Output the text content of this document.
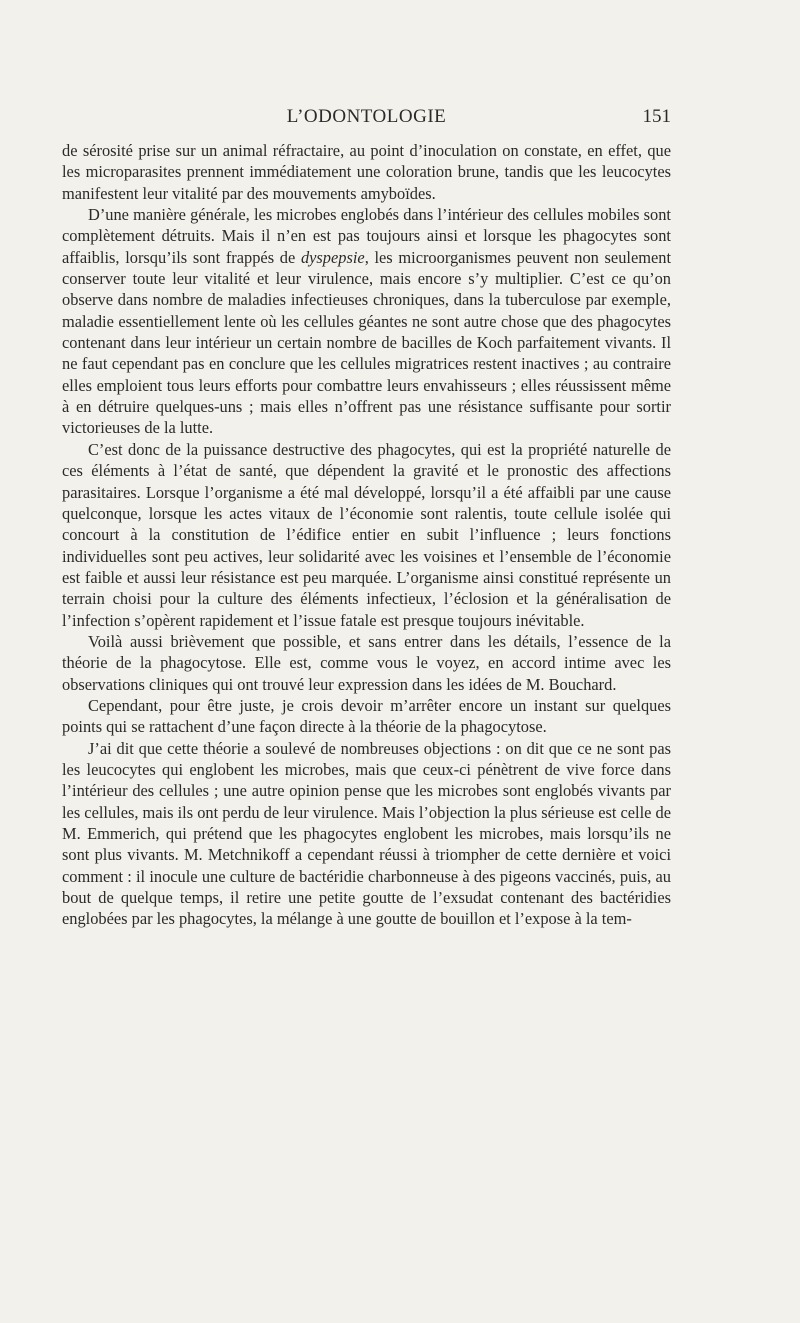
L’ODONTOLOGIE	151

de sérosité prise sur un animal réfractaire, au point d’inoculation on constate, en effet, que les microparasites prennent immédiatement une coloration brune, tandis que les leucocytes manifestent leur vitalité par des mouvements amyboïdes.

D’une manière générale, les microbes englobés dans l’intérieur des cellules mobiles sont complètement détruits. Mais il n’en est pas toujours ainsi et lorsque les phagocytes sont affaiblis, lorsqu’ils sont frappés de dyspepsie, les microorganismes peuvent non seulement conserver toute leur vitalité et leur virulence, mais encore s’y multiplier. C’est ce qu’on observe dans nombre de maladies infectieuses chroniques, dans la tuberculose par exemple, maladie essentiellement lente où les cellules géantes ne sont autre chose que des phagocytes contenant dans leur intérieur un certain nombre de bacilles de Koch parfaitement vivants. Il ne faut cependant pas en conclure que les cellules migratrices restent inactives ; au contraire elles emploient tous leurs efforts pour combattre leurs envahisseurs ; elles réussissent même à en détruire quelques-uns ; mais elles n’offrent pas une résistance suffisante pour sortir victorieuses de la lutte.

C’est donc de la puissance destructive des phagocytes, qui est la propriété naturelle de ces éléments à l’état de santé, que dépendent la gravité et le pronostic des affections parasitaires. Lorsque l’organisme a été mal développé, lorsqu’il a été affaibli par une cause quelconque, lorsque les actes vitaux de l’économie sont ralentis, toute cellule isolée qui concourt à la constitution de l’édifice entier en subit l’influence ; leurs fonctions individuelles sont peu actives, leur solidarité avec les voisines et l’ensemble de l’économie est faible et aussi leur résistance est peu marquée. L’organisme ainsi constitué représente un terrain choisi pour la culture des éléments infectieux, l’éclosion et la généralisation de l’infection s’opèrent rapidement et l’issue fatale est presque toujours inévitable.

Voilà aussi brièvement que possible, et sans entrer dans les détails, l’essence de la théorie de la phagocytose. Elle est, comme vous le voyez, en accord intime avec les observations cliniques qui ont trouvé leur expression dans les idées de M. Bouchard.

Cependant, pour être juste, je crois devoir m’arrêter encore un instant sur quelques points qui se rattachent d’une façon directe à la théorie de la phagocytose.

J’ai dit que cette théorie a soulevé de nombreuses objections : on dit que ce ne sont pas les leucocytes qui englobent les microbes, mais que ceux-ci pénètrent de vive force dans l’intérieur des cellules ; une autre opinion pense que les microbes sont englobés vivants par les cellules, mais ils ont perdu de leur virulence. Mais l’objection la plus sérieuse est celle de M. Emmerich, qui prétend que les phagocytes englobent les microbes, mais lorsqu’ils ne sont plus vivants. M. Metchnikoff a cependant réussi à triompher de cette dernière et voici comment : il inocule une culture de bactéridie charbonneuse à des pigeons vaccinés, puis, au bout de quelque temps, il retire une petite goutte de l’exsudat contenant des bactéridies englobées par les phagocytes, la mélange à une goutte de bouillon et l’expose à la tem-
